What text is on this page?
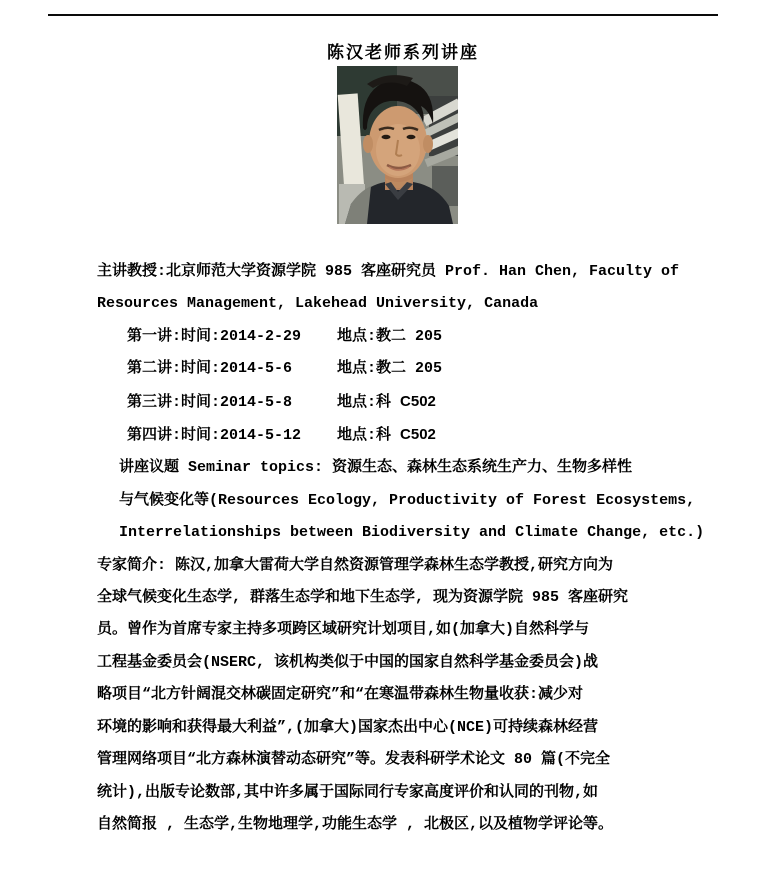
陈汉老师系列讲座
主讲教授:北京师范大学资源学院 985 客座研究员 Prof. Han Chen, Faculty of
Resources Management, Lakehead University, Canada
第一讲:时间:2014-2-29    地点:教二 205
第二讲:时间:2014-5-6     地点:教二 205
第三讲:时间:2014-5-8     地点:科 C502
第四讲:时间:2014-5-12    地点:科 C502
讲座议题 Seminar topics: 资源生态、森林生态系统生产力、生物多样性
与气候变化等(Resources Ecology, Productivity of Forest Ecosystems,
Interrelationships between Biodiversity and Climate Change, etc.)
专家简介: 陈汉,加拿大雷荷大学自然资源管理学森林生态学教授,研究方向为
全球气候变化生态学, 群落生态学和地下生态学, 现为资源学院 985 客座研究
员。曾作为首席专家主持多项跨区域研究计划项目,如(加拿大)自然科学与
工程基金委员会(NSERC, 该机构类似于中国的国家自然科学基金委员会)战
略项目“北方针阔混交林碳固定研究”和“在寒温带森林生物量收获:减少对
环境的影响和获得最大利益”,(加拿大)国家杰出中心(NCE)可持续森林经营
管理网络项目“北方森林演替动态研究”等。发表科研学术论文 80 篇(不完全
统计),出版专论数部,其中许多属于国际同行专家高度评价和认同的刊物,如
自然简报 , 生态学,生物地理学,功能生态学 , 北极区,以及植物学评论等。
